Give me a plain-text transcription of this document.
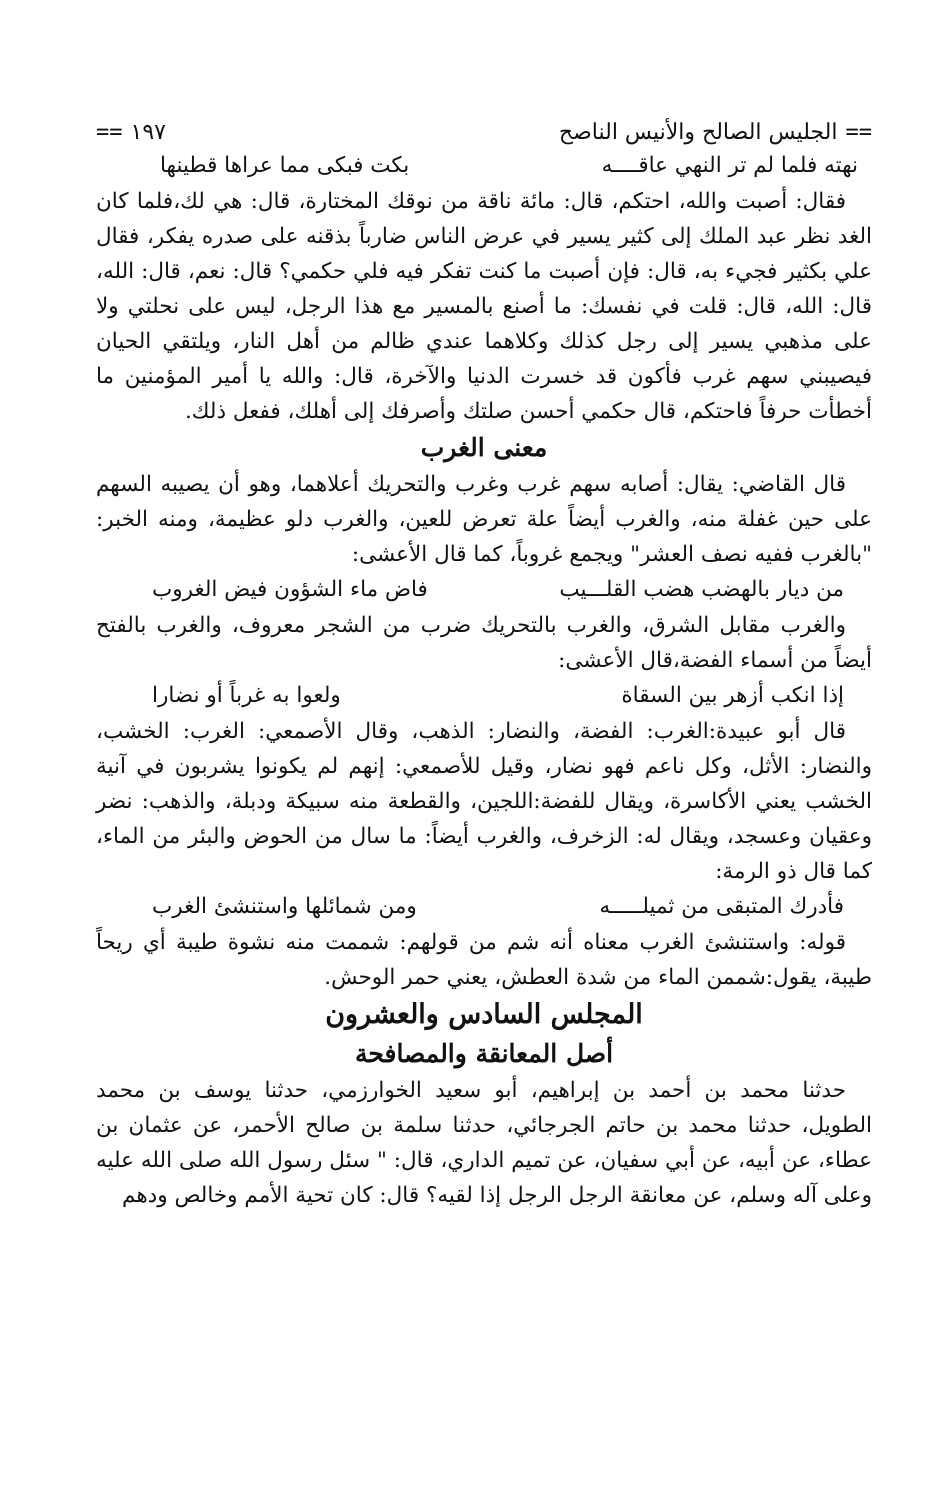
==
الجليس الصالح والأنيس الناصح
١٩٧
==
نهته فلما لم تر النهي عاقــــه
بكت فبكى مما عراها قطينها

فقال: أصبت والله، احتكم، قال: مائة ناقة من نوقك المختارة، قال: هي لك،فلما كان الغد نظر عبد الملك إلى كثير يسير في عرض الناس ضارباً بذقنه على صدره يفكر، فقال علي بكثير فجيء به، قال: فإن أصبت ما كنت تفكر فيه فلي حكمي؟ قال: نعم، قال: الله، قال: الله، قال: قلت في نفسك: ما أصنع بالمسير مع هذا الرجل، ليس على نحلتي ولا على مذهبي يسير إلى رجل كذلك وكلاهما عندي ظالم من أهل النار، ويلتقي الحيان فيصيبني سهم غرب فأكون قد خسرت الدنيا والآخرة، قال: والله يا أمير المؤمنين ما أخطأت حرفاً فاحتكم، قال حكمي أحسن صلتك وأصرفك إلى أهلك، ففعل ذلك.

معنى الغرب

قال القاضي: يقال: أصابه سهم غرب وغرب والتحريك أعلاهما، وهو أن يصيبه السهم على حين غفلة منه، والغرب أيضاً علة تعرض للعين، والغرب دلو عظيمة، ومنه الخبر: "بالغرب ففيه نصف العشر" ويجمع غروباً، كما قال الأعشى:

من ديار بالهضب هضب القلـــيب
فاض ماء الشؤون فيض الغروب

والغرب مقابل الشرق، والغرب بالتحريك ضرب من الشجر معروف، والغرب بالفتح أيضاً من أسماء الفضة،قال الأعشى:

إذا انكب أزهر بين السقاة
ولعوا به غرباً أو نضارا

قال أبو عبيدة:الغرب: الفضة، والنضار: الذهب، وقال الأصمعي: الغرب: الخشب، والنضار: الأثل، وكل ناعم فهو نضار، وقيل للأصمعي: إنهم لم يكونوا يشربون في آنية الخشب يعني الأكاسرة، ويقال للفضة:اللجين، والقطعة منه سبيكة ودبلة، والذهب: نضر وعقيان وعسجد، ويقال له: الزخرف، والغرب أيضاً: ما سال من الحوض والبئر من الماء، كما قال ذو الرمة:

فأدرك المتبقى من ثميلـــــه
ومن شمائلها واستنشئ الغرب

قوله: واستنشئ الغرب معناه أنه شم من قولهم: شممت منه نشوة طيبة أي ريحاً طيبة، يقول:شممن الماء من شدة العطش، يعني حمر الوحش.

المجلس السادس والعشرون
أصل المعانقة والمصافحة

حدثنا محمد بن أحمد بن إبراهيم، أبو سعيد الخوارزمي، حدثنا يوسف بن محمد الطويل، حدثنا محمد بن حاتم الجرجائي، حدثنا سلمة بن صالح الأحمر، عن عثمان بن عطاء، عن أبيه، عن أبي سفيان، عن تميم الداري، قال: " سئل رسول الله صلى الله عليه وعلى آله وسلم، عن معانقة الرجل الرجل إذا لقيه؟ قال: كان تحية الأمم وخالص ودهم
